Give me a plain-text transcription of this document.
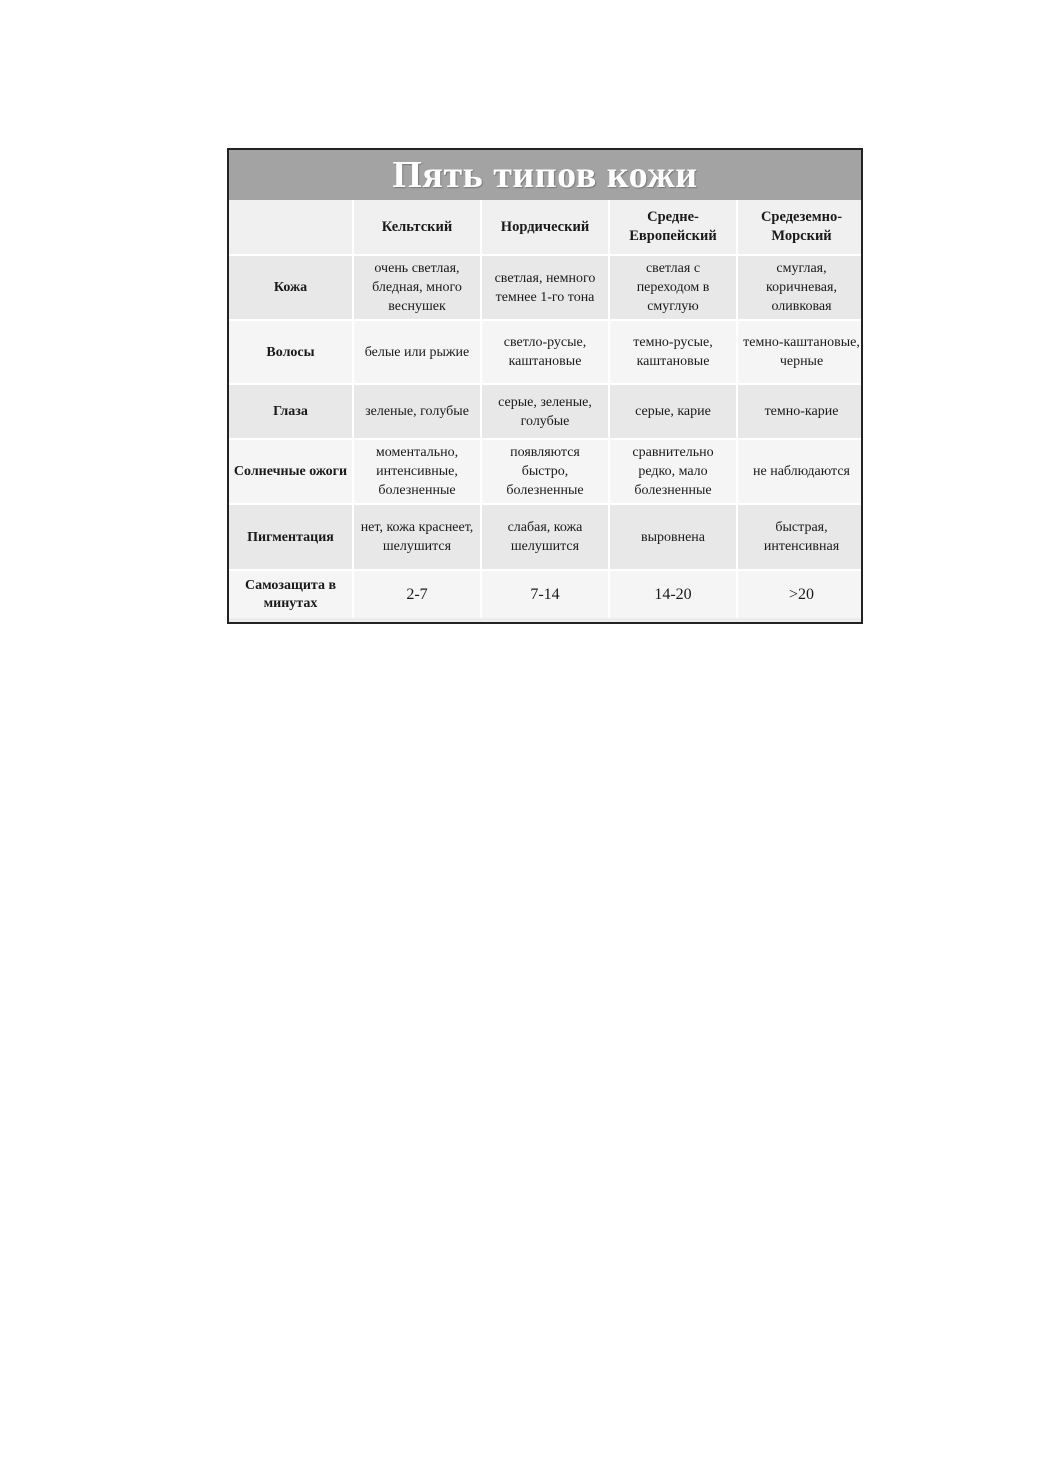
Пять типов кожи
	Кельтский	Нордический	Средне-Европейский	Средеземно-Морский
Кожа	очень светлая, бледная, много веснушек	светлая, немного темнее 1-го тона	светлая с переходом в смуглую	смуглая, коричневая, оливковая
Волосы	белые или рыжие	светло-русые, каштановые	темно-русые, каштановые	темно-каштановые, черные
Глаза	зеленые, голубые	серые, зеленые, голубые	серые, карие	темно-карие
Солнечные ожоги	моментально, интенсивные, болезненные	появляются быстро, болезненные	сравнительно редко, мало болезненные	не наблюдаются
Пигментация	нет, кожа краснеет, шелушится	слабая, кожа шелушится	выровнена	быстрая, интенсивная
Самозащита в минутах	2-7	7-14	14-20	>20
